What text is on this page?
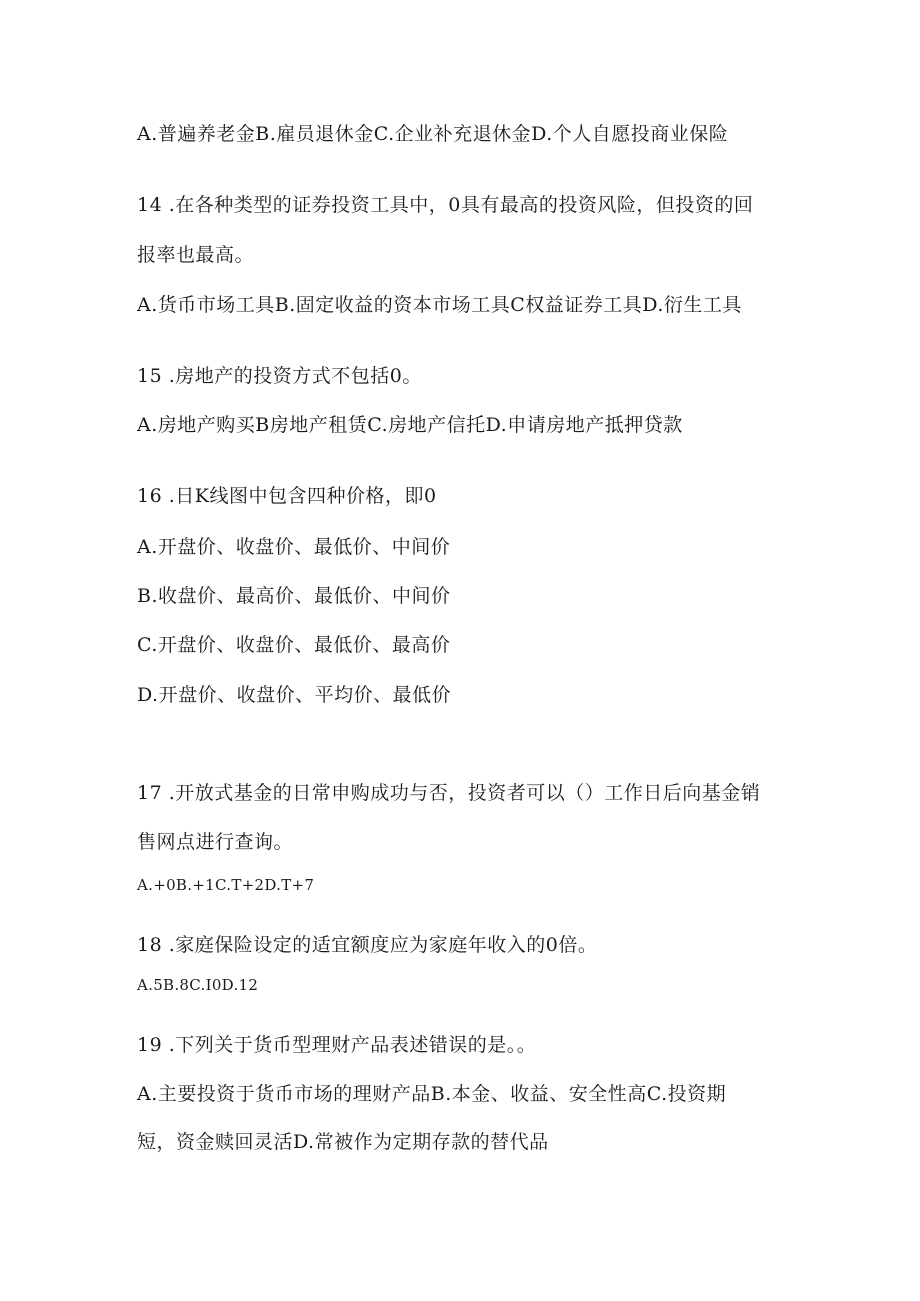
A.普遍养老金B.雇员退休金C.企业补充退休金D.个人自愿投商业保险
14 .在各种类型的证券投资工具中，0具有最高的投资风险，但投资的回
报率也最高。
A.货币市场工具B.固定收益的资本市场工具C权益证券工具D.衍生工具
15 .房地产的投资方式不包括0。
A.房地产购买B房地产租赁C.房地产信托D.申请房地产抵押贷款
16 .日K线图中包含四种价格，即0
A.开盘价、收盘价、最低价、中间价
B.收盘价、最高价、最低价、中间价
C.开盘价、收盘价、最低价、最高价
D.开盘价、收盘价、平均价、最低价
17 .开放式基金的日常申购成功与否，投资者可以（）工作日后向基金销
售网点进行查询。
A.+0B.+1C.T+2D.T+7
18 .家庭保险设定的适宜额度应为家庭年收入的0倍。
A.5B.8C.I0D.12
19 .下列关于货币型理财产品表述错误的是。。
A.主要投资于货币市场的理财产品B.本金、收益、安全性高C.投资期
短，资金赎回灵活D.常被作为定期存款的替代品
